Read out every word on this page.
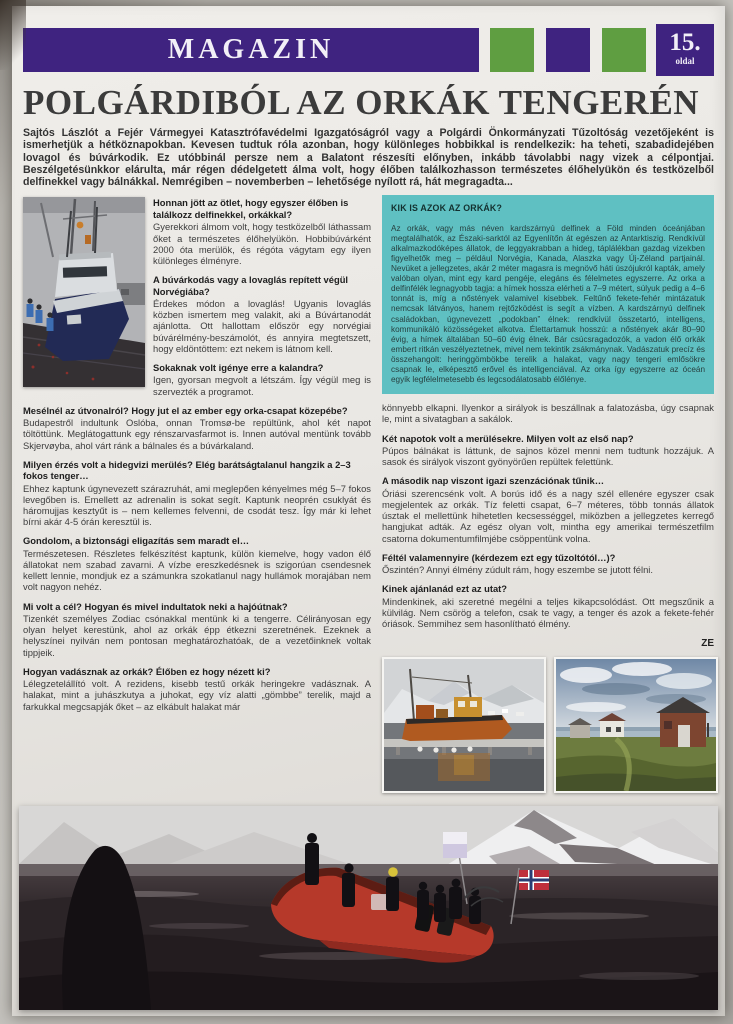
MAGAZIN	15.
oldal
POLGÁRDIBÓL AZ ORKÁK TENGERÉN
Sajtós Lászlót a Fejér Vármegyei Katasztrófavédelmi Igazgatóságról vagy a Polgárdi Önkormányzati Tűzoltóság vezetőjeként is ismerhetjük a hétköznapokban. Kevesen tudtuk róla azonban, hogy különleges hobbikkal is rendelkezik: ha teheti, szabadidejében lovagol és búvárkodik. Ez utóbbinál persze nem a Balatont részesíti előnyben, inkább távolabbi nagy vizek a célpontjai. Beszélgetésünkkor elárulta, már régen dédelgetett álma volt, hogy élőben találkozhasson természetes élőhelyükön és testközelből delfinekkel vagy bálnákkal. Nemrégiben – novemberben – lehetősége nyílott rá, hát megragadta...
Honnan jött az ötlet, hogy egyszer élőben is találkozz delfinekkel, orkákkal?
Gyerekkori álmom volt, hogy testközelből láthassam őket a természetes élőhelyükön. Hobbibúvárként 2000 óta merülök, és régóta vágytam egy ilyen különleges élményre.
A búvárkodás vagy a lovaglás repített végül Norvégiába?
Érdekes módon a lovaglás! Ugyanis lovaglás közben ismertem meg valakit, aki a Búvártanodát ajánlotta. Ott hallottam először egy norvégiai búvárélmény-beszámolót, és annyira megtetszett, hogy eldöntöttem: ezt nekem is látnom kell.
Sokaknak volt igénye erre a kalandra?
Igen, gyorsan megvolt a létszám. Így végül meg is szervezték a programot.
Mesélnél az útvonalról? Hogy jut el az ember egy orka-csapat közepébe?
Budapestről indultunk Oslóba, onnan Tromsø-be repültünk, ahol két napot töltöttünk. Meglátogattunk egy rénszarvasfarmot is. Innen autóval mentünk tovább Skjervøyba, ahol várt ránk a bálnales és a búvárkaland.
Milyen érzés volt a hidegvizi merülés? Elég barátságtalanul hangzik a 2–3 fokos tenger…
Ehhez kaptunk úgynevezett szárazruhát, ami meglepően kényelmes még 5–7 fokos levegőben is. Emellett az adrenalin is sokat segít. Kaptunk neoprén csuklyát és háromujjas kesztyűt is – nem kellemes felvenni, de csodát tesz. Így már ki lehet bírni akár 4-5 órán keresztül is.
Gondolom, a biztonsági eligazítás sem maradt el…
Természetesen. Részletes felkészítést kaptunk, külön kiemelve, hogy vadon élő állatokat nem szabad zavarni. A vízbe ereszkedésnek is szigorúan csendesnek kellett lennie, mondjuk ez a számunkra szokatlanul nagy hullámok morajában nem volt nagyon nehéz.
Mi volt a cél? Hogyan és mivel indultatok neki a hajóútnak?
Tizenkét személyes Zodiac csónakkal mentünk ki a tengerre. Célirányosan egy olyan helyet kerestünk, ahol az orkák épp étkezni szeretnének. Ezeknek a helyszínei nyilván nem pontosan meghatározhatóak, de a vezetőinknek voltak tippjeik.
Hogyan vadásznak az orkák? Élőben ez hogy nézett ki?
Lélegzetelállító volt. A rezidens, kisebb testű orkák heringekre vadásznak. A halakat, mint a juhászkutya a juhokat, egy víz alatti „gömbbe” terelik, majd a farkukkal megcsapják őket – az elkábult halakat már
KIK IS AZOK AZ ORKÁK?

Az orkák, vagy más néven kardszárnyú delfinek a Föld minden óceánjában megtalálhatók, az Északi-sarktól az Egyenlítőn át egészen az Antarktiszig. Rendkívül alkalmazkodóképes állatok, de leggyakrabban a hideg, táplálékban gazdag vizekben figyelhetők meg – például Norvégia, Kanada, Alaszka vagy Új-Zéland partjainál. Nevüket a jellegzetes, akár 2 méter magasra is megnövő háti úszójukról kapták, amely valóban olyan, mint egy kard pengéje, elegáns és félelmetes egyszerre. Az orka a delfinfélék legnagyobb tagja: a hímek hossza elérheti a 7–9 métert, súlyuk pedig a 4–6 tonnát is, míg a nőstények valamivel kisebbek. Feltűnő fekete-fehér mintázatuk nemcsak látványos, hanem rejtőzködést is segít a vízben. A kardszárnyú delfinek családokban, úgynevezett „podokban” élnek: rendkívül összetartó, intelligens, kommunikáló közösségeket alkotva. Élettartamuk hosszú: a nőstények akár 80–90 évig, a hímek általában 50–60 évig élnek. Bár csúcsragadozók, a vadon élő orkák embert ritkán veszélyeztetnek, mivel nem tekintik zsákmánynak. Vadászatuk precíz és összehangolt: heringgömbökbe terelik a halakat, vagy nagy tengeri emlősökre csapnak le, elképesztő erővel és intelligenciával. Az orka így egyszerre az óceán egyik legfélelmetesebb és legcsodálatosabb élőlénye.

könnyebb elkapni. Ilyenkor a sirályok is beszállnak a falatozásba, úgy csapnak le, mint a sivatagban a sakálok.
Két napotok volt a merülésekre. Milyen volt az első nap?
Púpos bálnákat is láttunk, de sajnos közel menni nem tudtunk hozzájuk. A sasok és sirályok viszont gyönyörűen repültek felettünk.
A második nap viszont igazi szenzációnak tűnik…
Óriási szerencsénk volt. A borús idő és a nagy szél ellenére egyszer csak megjelentek az orkák. Tíz feletti csapat, 6–7 méteres, több tonnás állatok úsztak el mellettünk hihetetlen kecsességgel, miközben a jellegzetes kerregő hangjukat adták. Az egész olyan volt, mintha egy amerikai természetfilm csatorna dokumentumfilmjébe csöppentünk volna.
Féltél valamennyire (kérdezem ezt egy tűzoltótól…)?
Őszintén? Annyi élmény zúdult rám, hogy eszembe se jutott félni.
Kinek ajánlanád ezt az utat?
Mindenkinek, aki szeretné megélni a teljes kikapcsolódást. Ott megszűnik a külvilág. Nem csörög a telefon, csak te vagy, a tenger és azok a fekete-fehér óriások. Semmihez sem hasonlítható élmény.
ZE
